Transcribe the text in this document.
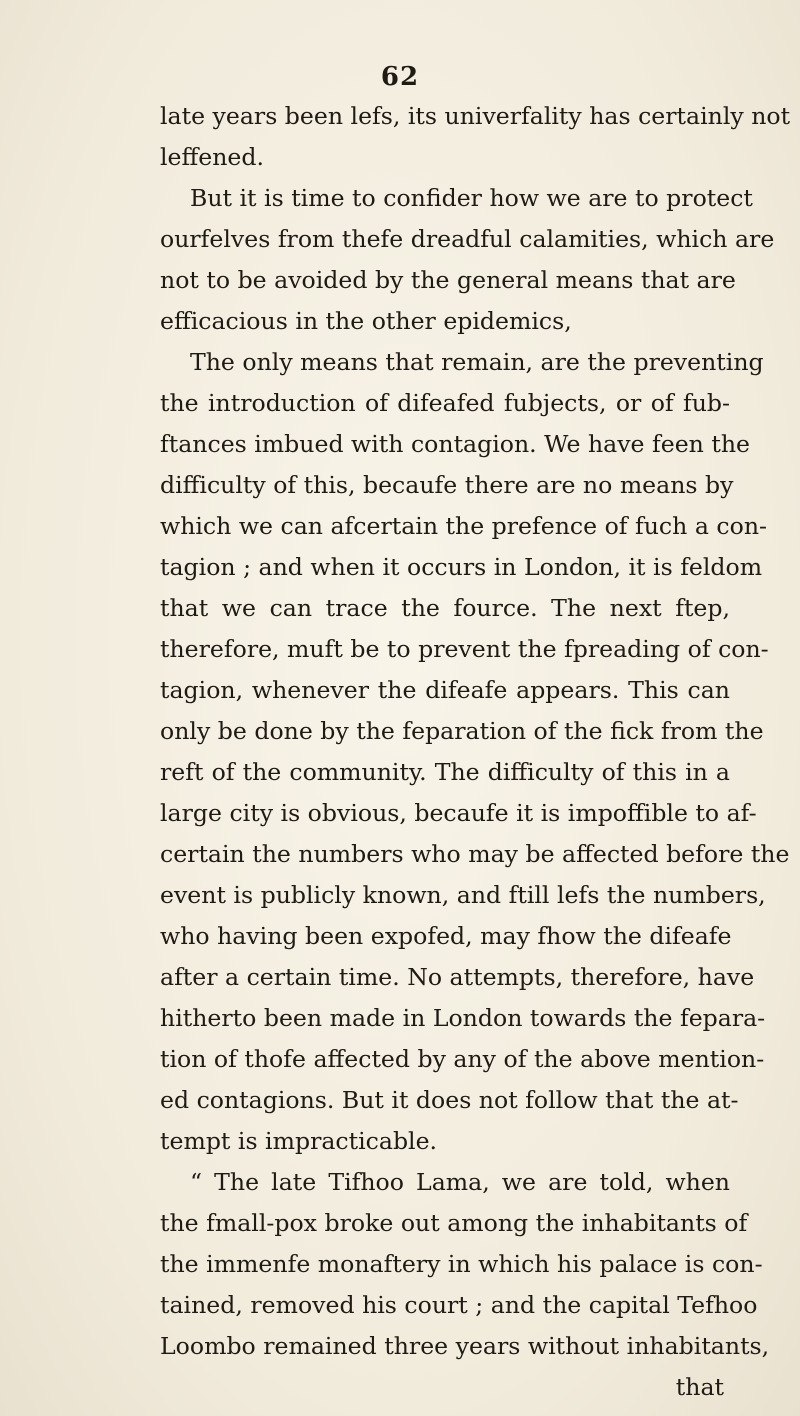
62
late years been lefs, its univerfality has certainly not
leffened.
But it is time to confider how we are to protect
ourfelves from thefe dreadful calamities, which are
not to be avoided by the general means that are
efficacious in the other epidemics,
The only means that remain, are the preventing
the introduction of difeafed fubjects, or of fub-
ftances imbued with contagion. We have feen the
difficulty of this, becaufe there are no means by
which we can afcertain the prefence of fuch a con-
tagion ; and when it occurs in London, it is feldom
that we can trace the fource. The next ftep,
therefore, muft be to prevent the fpreading of con-
tagion, whenever the difeafe appears. This can
only be done by the feparation of the fick from the
reft of the community. The difficulty of this in a
large city is obvious, becaufe it is impoffible to af-
certain the numbers who may be affected before the
event is publicly known, and ftill lefs the numbers,
who having been expofed, may fhow the difeafe
after a certain time. No attempts, therefore, have
hitherto been made in London towards the fepara-
tion of thofe affected by any of the above mention-
ed contagions. But it does not follow that the at-
tempt is impracticable.
“ The late Tifhoo Lama, we are told, when
the fmall-pox broke out among the inhabitants of
the immenfe monaftery in which his palace is con-
tained, removed his court ; and the capital Tefhoo
Loombo remained three years without inhabitants,
that
